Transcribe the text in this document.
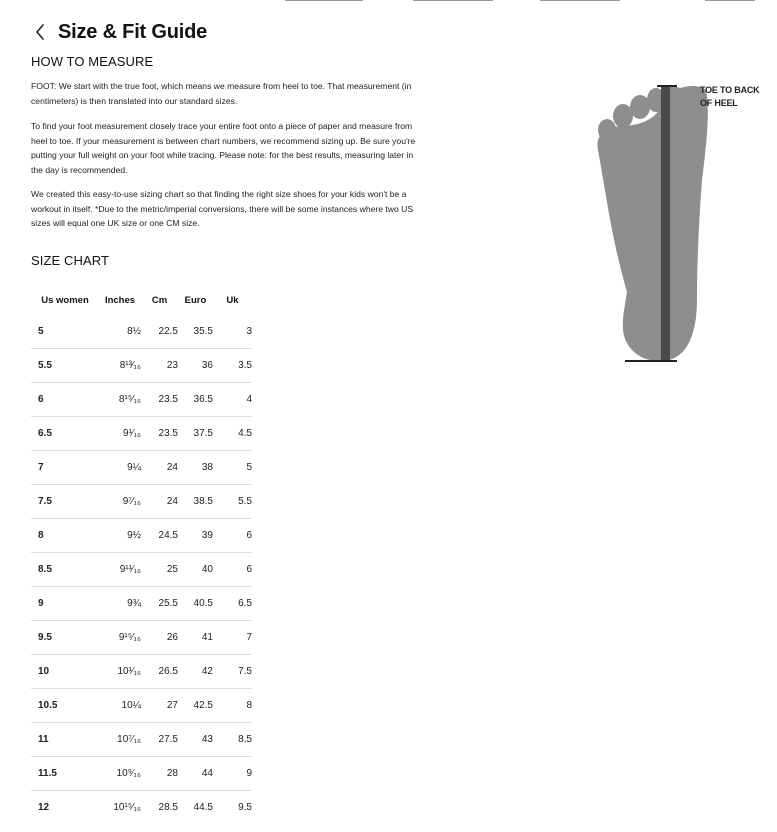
Size & Fit Guide
HOW TO MEASURE

FOOT: We start with the true foot, which means we measure from heel to toe. That measurement (in centimeters) is then translated into our standard sizes.

To find your foot measurement closely trace your entire foot onto a piece of paper and measure from heel to toe. If your measurement is between chart numbers, we recommend sizing up. Be sure you're putting your full weight on your foot while tracing. Please note: for the best results, measuring later in the day is recommended.

We created this easy-to-use sizing chart so that finding the right size shoes for your kids won't be a workout in itself. *Due to the metric/imperial conversions, there will be some instances where two US sizes will equal one UK size or one CM size.

SIZE CHART
Us women	Inches	Cm	Euro	Uk
5	8½	22.5	35.5	3
5.5	8¹³⁄₁₆	23	36	3.5
6	8¹⁵⁄₁₆	23.5	36.5	4
6.5	9¹⁄₁₆	23.5	37.5	4.5
7	9¼	24	38	5
7.5	9⁷⁄₁₆	24	38.5	5.5
8	9½	24.5	39	6
8.5	9¹¹⁄₁₆	25	40	6
9	9¾	25.5	40.5	6.5
9.5	9¹⁵⁄₁₆	26	41	7
10	10¹⁄₁₆	26.5	42	7.5
10.5	10¼	27	42.5	8
11	10⁷⁄₁₆	27.5	43	8.5
11.5	10⁹⁄₁₆	28	44	9
12	10¹⁵⁄₁₆	28.5	44.5	9.5
TOE TO BACK OF HEEL
